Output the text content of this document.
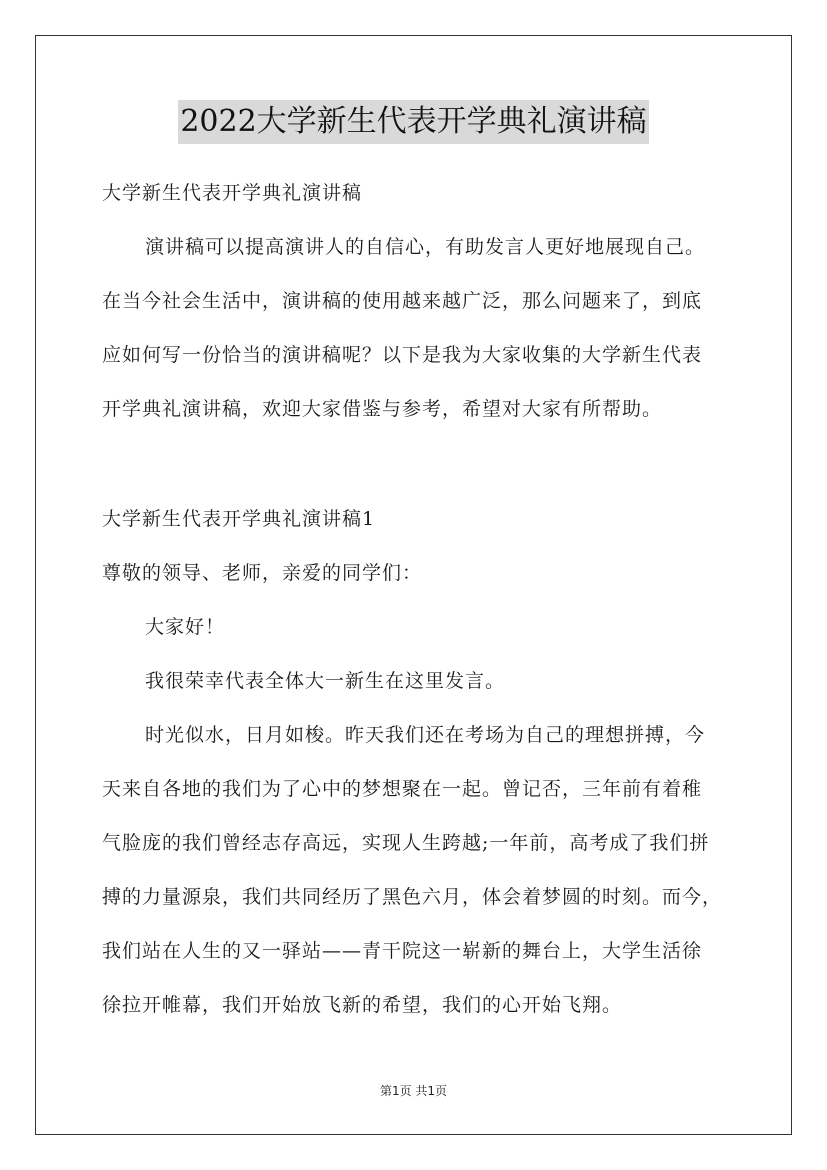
2022大学新生代表开学典礼演讲稿
大学新生代表开学典礼演讲稿
演讲稿可以提高演讲人的自信心，有助发言人更好地展现自己。
在当今社会生活中，演讲稿的使用越来越广泛，那么问题来了，到底
应如何写一份恰当的演讲稿呢？以下是我为大家收集的大学新生代表
开学典礼演讲稿，欢迎大家借鉴与参考，希望对大家有所帮助。
大学新生代表开学典礼演讲稿1
尊敬的领导、老师，亲爱的同学们：
大家好！
我很荣幸代表全体大一新生在这里发言。
时光似水，日月如梭。昨天我们还在考场为自己的理想拼搏，今
天来自各地的我们为了心中的梦想聚在一起。曾记否，三年前有着稚
气脸庞的我们曾经志存高远，实现人生跨越;一年前，高考成了我们拼
搏的力量源泉，我们共同经历了黑色六月，体会着梦圆的时刻。而今，
我们站在人生的又一驿站——青干院这一崭新的舞台上，大学生活徐
徐拉开帷幕，我们开始放飞新的希望，我们的心开始飞翔。
第1页 共1页
